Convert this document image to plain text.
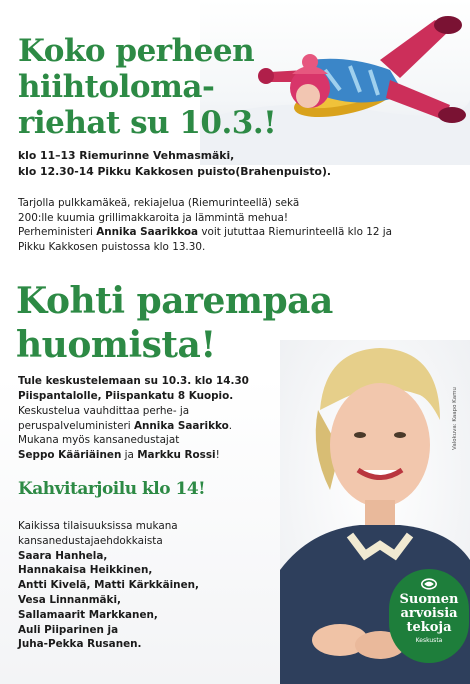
Koko perheen
hiihtoloma-
riehat su 10.3.!
klo 11–13 Riemurinne Vehmasmäki,
klo 12.30-14 Pikku Kakkosen puisto(Brahenpuisto).
Tarjolla pulkkamäkeä, rekiajelua (Riemurinteellä) sekä
200:lle kuumia grillimakkaroita ja lämmintä mehua!
Perheministeri Annika Saarikkoa voit jututtaa Riemurinteellä klo 12 ja
Pikku Kakkosen puistossa klo 13.30.
Valokuva: Kaapo Kamu
Kohti parempaa
huomista!
Tule keskustelemaan su 10.3. klo 14.30
Piispantalolle, Piispankatu 8 Kuopio.
Keskustelua vauhdittaa perhe- ja
peruspalveluministeri Annika Saarikko.
Mukana myös kansanedustajat
Seppo Kääriäinen ja Markku Rossi!
Kahvitarjoilu klo 14!
Kaikissa tilaisuuksissa mukana
kansanedustajaehdokkaista
Saara Hanhela,
Hannakaisa Heikkinen,
Antti Kivelä, Matti Kärkkäinen,
Vesa Linnanmäki,
Sallamaarit Markkanen,
Auli Piiparinen ja
Juha-Pekka Rusanen.
Suomen
arvoisia
tekoja
Keskusta
